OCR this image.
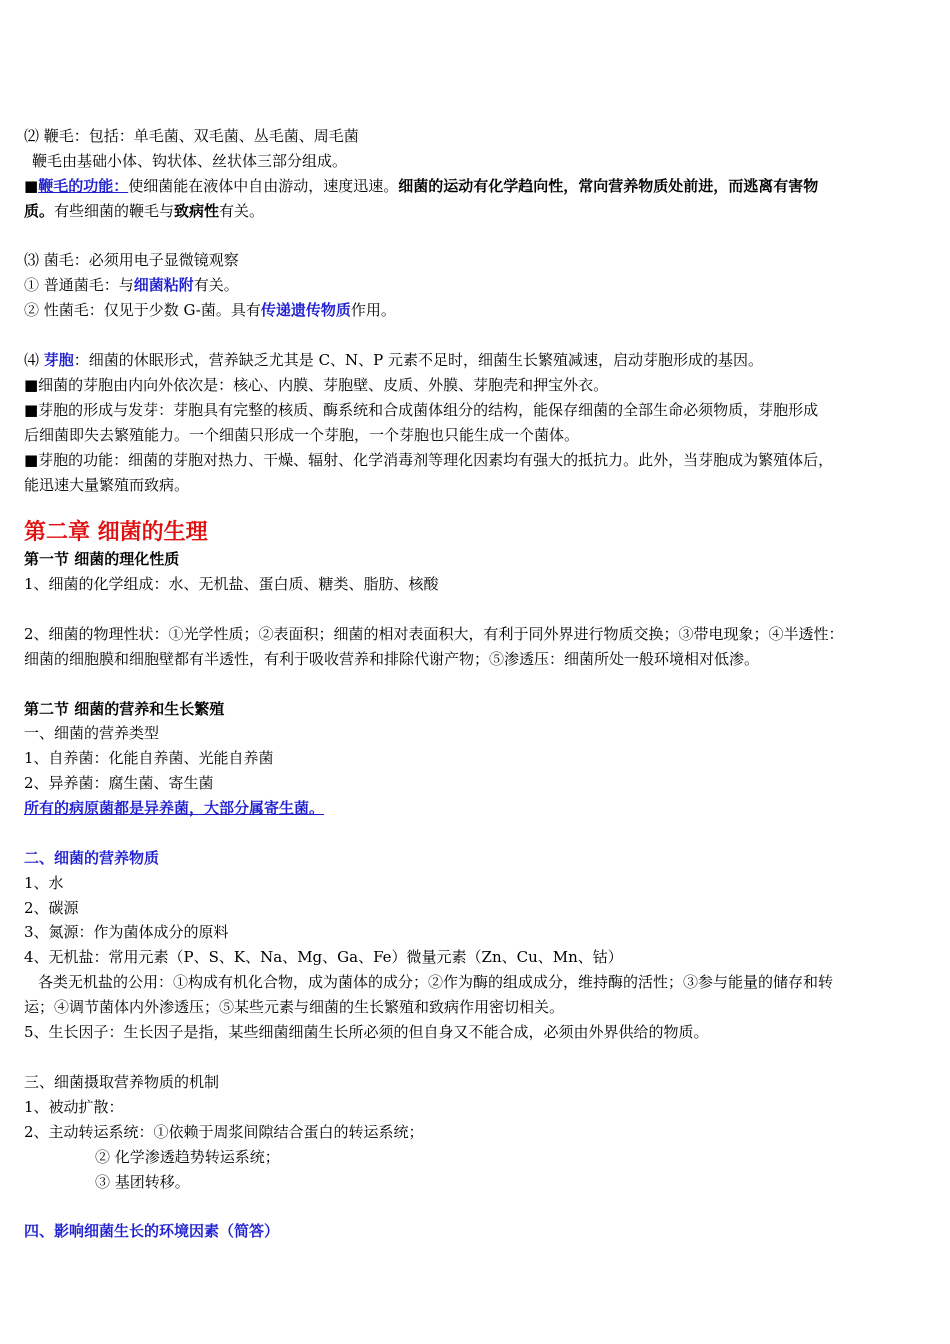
⑵ 鞭毛：包括：单毛菌、双毛菌、丛毛菌、周毛菌
鞭毛由基础小体、钩状体、丝状体三部分组成。
■鞭毛的功能：使细菌能在液体中自由游动，速度迅速。细菌的运动有化学趋向性，常向营养物质处前进，而逃离有害物
质。有些细菌的鞭毛与致病性有关。
⑶ 菌毛：必须用电子显微镜观察
① 普通菌毛：与细菌粘附有关。
② 性菌毛：仅见于少数 G-菌。具有传递遗传物质作用。
⑷ 芽胞：细菌的休眠形式，营养缺乏尤其是 C、N、P 元素不足时，细菌生长繁殖减速，启动芽胞形成的基因。
■细菌的芽胞由内向外依次是：核心、内膜、芽胞壁、皮质、外膜、芽胞壳和押宝外衣。
■芽胞的形成与发芽：芽胞具有完整的核质、酶系统和合成菌体组分的结构，能保存细菌的全部生命必须物质，芽胞形成
后细菌即失去繁殖能力。一个细菌只形成一个芽胞，一个芽胞也只能生成一个菌体。
■芽胞的功能：细菌的芽胞对热力、干燥、辐射、化学消毒剂等理化因素均有强大的抵抗力。此外，当芽胞成为繁殖体后，
能迅速大量繁殖而致病。
第二章 细菌的生理
第一节 细菌的理化性质
1、细菌的化学组成：水、无机盐、蛋白质、糖类、脂肪、核酸
2、细菌的物理性状：①光学性质；②表面积；细菌的相对表面积大，有利于同外界进行物质交换；③带电现象；④半透性：
细菌的细胞膜和细胞壁都有半透性，有利于吸收营养和排除代谢产物；⑤渗透压：细菌所处一般环境相对低渗。
第二节 细菌的营养和生长繁殖
一、细菌的营养类型
1、自养菌：化能自养菌、光能自养菌
2、异养菌：腐生菌、寄生菌
所有的病原菌都是异养菌，大部分属寄生菌。
二、细菌的营养物质
1、水
2、碳源
3、氮源：作为菌体成分的原料
4、无机盐：常用元素（P、S、K、Na、Mg、Ga、Fe）微量元素（Zn、Cu、Mn、钴）
各类无机盐的公用：①构成有机化合物，成为菌体的成分；②作为酶的组成成分，维持酶的活性；③参与能量的储存和转
运；④调节菌体内外渗透压；⑤某些元素与细菌的生长繁殖和致病作用密切相关。
5、生长因子：生长因子是指，某些细菌细菌生长所必须的但自身又不能合成，必须由外界供给的物质。
三、细菌摄取营养物质的机制
1、被动扩散：
2、主动转运系统：①依赖于周浆间隙结合蛋白的转运系统；
② 化学渗透趋势转运系统；
③ 基团转移。
四、影响细菌生长的环境因素（简答）
